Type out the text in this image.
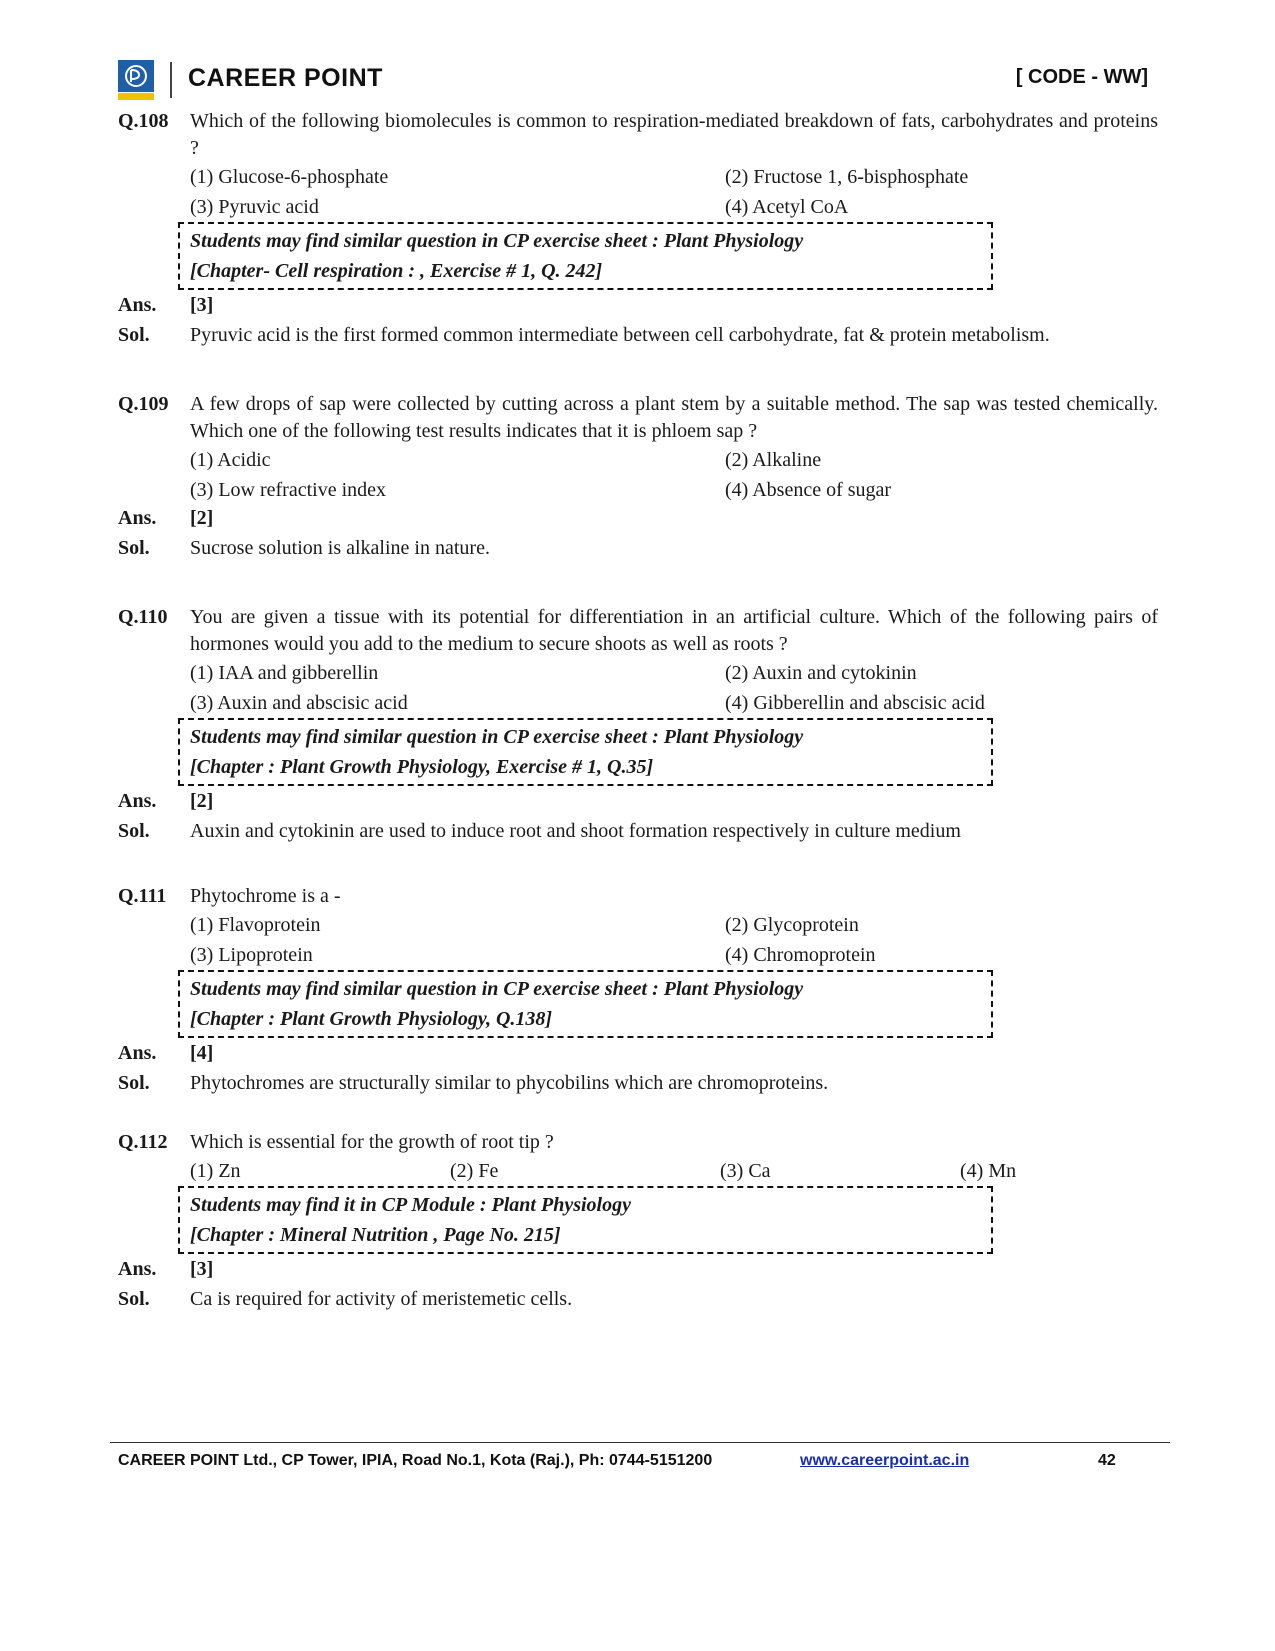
CAREER POINT	[ CODE - WW]
Q.108	Which of the following biomolecules is common to respiration-mediated breakdown of fats, carbohydrates and proteins ?
(1) Glucose-6-phosphate	(2) Fructose 1, 6-bisphosphate
(3) Pyruvic acid	(4) Acetyl CoA
Students may find similar question in CP exercise sheet : Plant Physiology
[Chapter- Cell respiration : , Exercise # 1, Q. 242]
Ans.	[3]
Sol.	Pyruvic acid is the first formed common intermediate between cell carbohydrate, fat & protein metabolism.
Q.109	A few drops of sap were collected by cutting across a plant stem by a suitable method. The sap was tested chemically. Which one of the following test results indicates that it is phloem sap ?
(1) Acidic	(2) Alkaline
(3) Low refractive index	(4) Absence of sugar
Ans.	[2]
Sol.	Sucrose solution is alkaline in nature.
Q.110	You are given a tissue with its potential for differentiation in an artificial culture. Which of the following pairs of hormones would you add to the medium to secure shoots as well as roots ?
(1) IAA and gibberellin	(2) Auxin and cytokinin
(3) Auxin and abscisic acid	(4) Gibberellin and abscisic acid
Students may find similar question in CP exercise sheet : Plant Physiology
[Chapter : Plant Growth Physiology, Exercise # 1, Q.35]
Ans.	[2]
Sol.	Auxin and cytokinin are used to induce root and shoot formation respectively in culture medium
Q.111	Phytochrome is a -
(1) Flavoprotein	(2) Glycoprotein
(3) Lipoprotein	(4) Chromoprotein
Students may find similar question in CP exercise sheet : Plant Physiology
[Chapter : Plant Growth Physiology, Q.138]
Ans.	[4]
Sol.	Phytochromes are structurally similar to phycobilins which are chromoproteins.
Q.112	Which is essential for the growth of root tip ?
(1) Zn	(2) Fe	(3) Ca	(4) Mn
Students may find it in CP Module : Plant Physiology
[Chapter : Mineral Nutrition , Page No. 215]
Ans.	[3]
Sol.	Ca is required for activity of meristemetic cells.
CAREER POINT Ltd., CP Tower, IPIA, Road No.1, Kota (Raj.), Ph: 0744-5151200	www.careerpoint.ac.in	42
